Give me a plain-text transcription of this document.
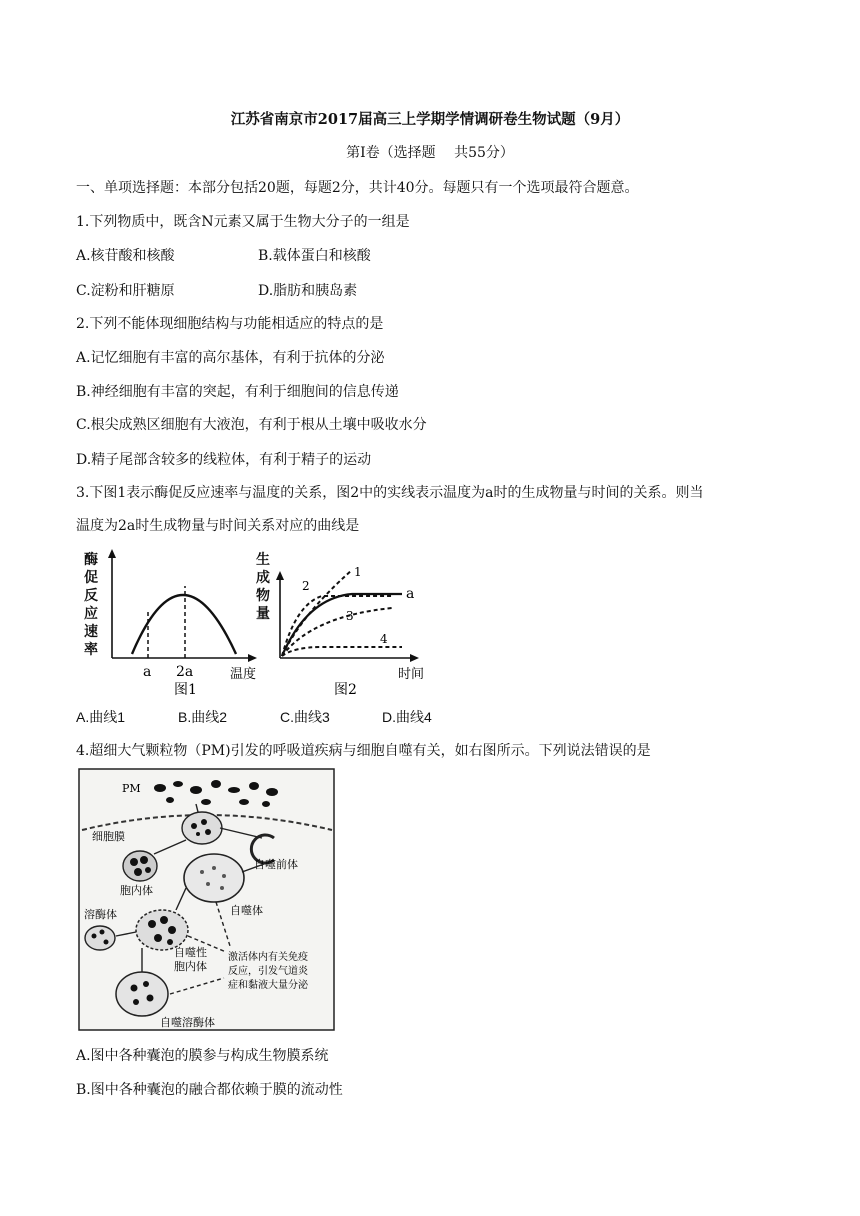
江苏省南京市2017届高三上学期学情调研卷生物试题（9月）
第Ⅰ卷（选择题　 共55分）
一、单项选择题：本部分包括20题，每题2分，共计40分。每题只有一个选项最符合题意。
1.下列物质中，既含N元素又属于生物大分子的一组是
A.核苷酸和核酸	B.载体蛋白和核酸
C.淀粉和肝糖原	D.脂肪和胰岛素
2.下列不能体现细胞结构与功能相适应的特点的是
A.记忆细胞有丰富的高尔基体，有利于抗体的分泌
B.神经细胞有丰富的突起，有利于细胞间的信息传递
C.根尖成熟区细胞有大液泡，有利于根从土壤中吸收水分
D.精子尾部含较多的线粒体，有利于精子的运动
3.下图1表示酶促反应速率与温度的关系，图2中的实线表示温度为a时的生成物量与时间的关系。则当
温度为2a时生成物量与时间关系对应的曲线是
酶
促
反
应
速
率
a 2a	温度
图1
生
成
物
量
1
2
3
4
a
时间
图2
A.曲线1	B.曲线2	C.曲线3	D.曲线4
4.超细大气颗粒物（PM)引发的呼吸道疾病与细胞自噬有关，如右图所示。下列说法错误的是
PM
细胞膜
胞内体
自噬前体
自噬体
溶酶体
自噬性
胞内体
自噬溶酶体
激活体内有关免疫
反应，引发气道炎
症和黏液大量分泌
A.图中各种囊泡的膜参与构成生物膜系统
B.图中各种囊泡的融合都依赖于膜的流动性
